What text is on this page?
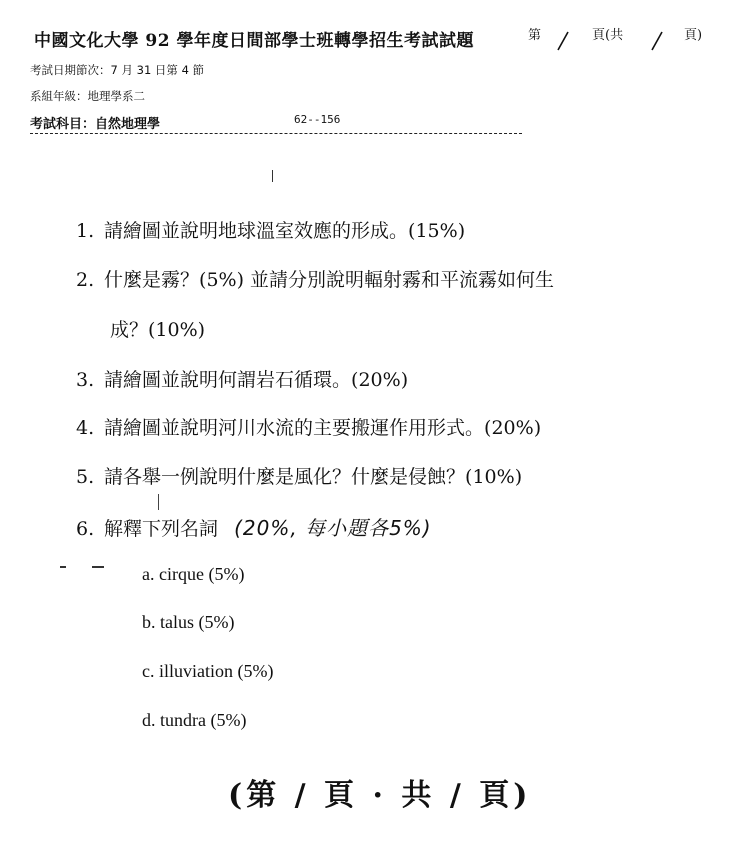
中國文化大學 92 學年度日間部學士班轉學招生考試試題	第	頁(共	頁)
考試日期節次：7 月 31 日第 4 節
系組年級：地理學系二
考試科目：自然地理學	62--156
1. 請繪圖並說明地球溫室效應的形成。(15%)
2. 什麼是霧？(5%) 並請分別說明輻射霧和平流霧如何生
成？(10%)
3. 請繪圖並說明何謂岩石循環。(20%)
4. 請繪圖並說明河川水流的主要搬運作用形式。(20%)
5. 請各舉一例說明什麼是風化？什麼是侵蝕？(10%)
6. 解釋下列名詞 (20%, 每小題各5%)
a. cirque (5%)
b. talus (5%)
c. illuviation (5%)
d. tundra (5%)
(第 / 頁 · 共 / 頁)
